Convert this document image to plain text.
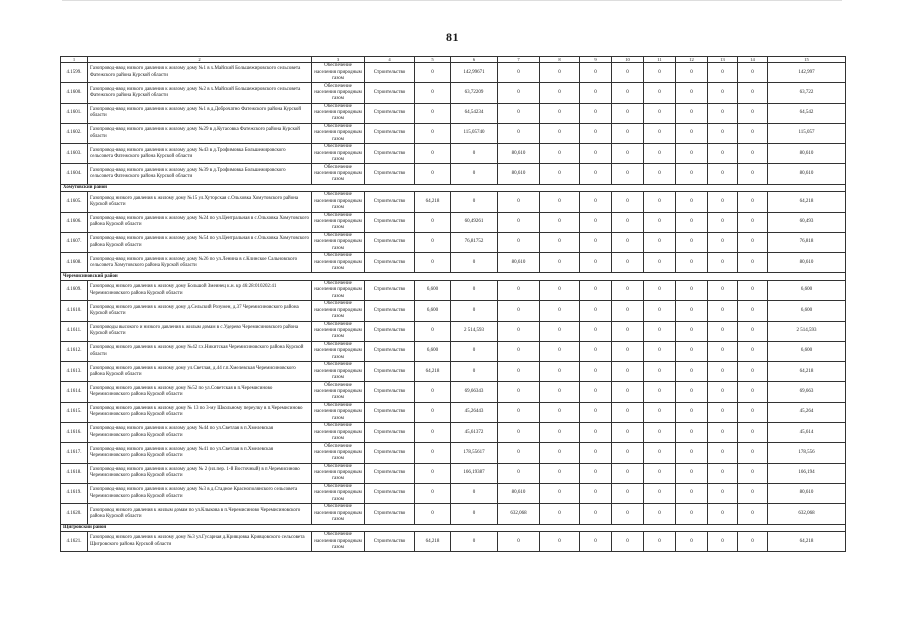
81
1	2	3	4	5	6	7	8	9	10	11	12	13	14	15
4.1599.	Газопровод-ввод низкого давления к жилому дому №1 в х.Майский Большежировского сельсовета Фатежского района Курской области	Обеспечение населения природным газом	Строительство	0	142,99671	0	0	0	0	0	0	0	0	142,997
4.1600.	Газопровод-ввод низкого давления к жилому дому №2 в х.Майский Большежировского сельсовета Фатежского района Курской области	Обеспечение населения природным газом	Строительство	0	63,72209	0	0	0	0	0	0	0	0	63,722
4.1601.	Газопровод-ввод низкого давления к жилому дому №1 в д.Доброчатно Фатежского района Курской области	Обеспечение населения природным газом	Строительство	0	64,54234	0	0	0	0	0	0	0	0	64,542
4.1602.	Газопровод-ввод низкого давления к жилому дому №29 в д.Кутасовка Фатежского района Курской области	Обеспечение населения природным газом	Строительство	0	115,05740	0	0	0	0	0	0	0	0	115,057
4.1603.	Газопровод-ввод низкого давления к жилому дому №43 в д.Трофимовка Большежировского сельсовета Фатежского района Курской области	Обеспечение населения природным газом	Строительство	0	0	80,610	0	0	0	0	0	0	0	80,610
4.1604.	Газопровод-ввод низкого давления к жилому дому №39 в д.Трофимовка Большежировского сельсовета Фатежского района Курской области	Обеспечение населения природным газом	Строительство	0	0	80,610	0	0	0	0	0	0	0	80,610
Хомутовский район														
4.1605.	Газопровод низкого давления к жилому дому №15 ул.Хуторская с.Ольховка Хомутовского района Курской области	Обеспечение населения природным газом	Строительство	64,218	0	0	0	0	0	0	0	0	0	64,218
4.1606.	Газопровод-ввод низкого давления к жилому дому №24 по ул.Центральная в с.Ольховка Хомутовского района Курской области	Обеспечение населения природным газом	Строительство	0	60,49261	0	0	0	0	0	0	0	0	60,493
4.1607.	Газопровод-ввод низкого давления к жилому дому №54 по ул.Центральная в с.Ольховка Хомутовского района Курской области	Обеспечение населения природным газом	Строительство	0	76,81752	0	0	0	0	0	0	0	0	76,818
4.1608.	Газопровод-ввод низкого давления к жилому дому №26 по ул.Ленина в с.Клинское Сальновского сельсовета Хомутовского района Курской области	Обеспечение населения природным газом	Строительство	0	0	80,610	0	0	0	0	0	0	0	80,610
Черемисиновский район														
4.1609.	Газопровод низкого давления к жилому дому Большой Змеинец к.н. кр 46:28:010202:41 Черемисиновского района Курской области	Обеспечение населения природным газом	Строительство	6,600	0	0	0	0	0	0	0	0	0	6,600
4.1610.	Газопровод низкого давления к жилому дому д.Сельский Розумен, д.37 Черемисиновского района Курской области	Обеспечение населения природным газом	Строительство	6,600	0	0	0	0	0	0	0	0	0	6,600
4.1611.	Газопроводы высокого и низкого давления к жилым домам в с.Удерево Черемисиновского района Курской области	Обеспечение населения природным газом	Строительство	0	2 514,593	0	0	0	0	0	0	0	0	2 514,593
4.1612.	Газопровод низкого давления к жилому дому №42 г.х.Никитская Черемисиновского района Курской области	Обеспечение населения природным газом	Строительство	6,600	0	0	0	0	0	0	0	0	0	6,600
4.1613.	Газопровод низкого давления к жилому дому ул.Светлая, д.44 г.п.Хмелевская Черемисиновского района Курской области	Обеспечение населения природным газом	Строительство	64,218	0	0	0	0	0	0	0	0	0	64,218
4.1614.	Газопровод низкого давления к жилому дому №52 по ул.Советская в п.Черемисиново Черемисиновского района Курской области	Обеспечение населения природным газом	Строительство	0	69,66343	0	0	0	0	0	0	0	0	69,663
4.1615.	Газопровод низкого давления к жилому дому № 13 по 3-му Школьному переулку в п.Черемисиново Черемисиновского района Курской области	Обеспечение населения природным газом	Строительство	0	45,26443	0	0	0	0	0	0	0	0	45,264
4.1616.	Газопровод-ввод низкого давления к жилому дому №44 по ул.Светлая в п.Хмелевская Черемисиновского района Курской области	Обеспечение населения природным газом	Строительство	0	45,61372	0	0	0	0	0	0	0	0	45,614
4.1617.	Газопровод-ввод низкого давления к жилому дому №41 по ул.Светлая в п.Хмелевская Черемисиновского района Курской области	Обеспечение населения природным газом	Строительство	0	178,55617	0	0	0	0	0	0	0	0	178,556
4.1618.	Газопровод-ввод низкого давления к жилому дому № 2 (ил.пер. 1-й Восточный) в п.Черемисиново Черемисиновского района Курской области	Обеспечение населения природным газом	Строительство	0	166,19387	0	0	0	0	0	0	0	0	166,194
4.1619.	Газопровод-ввод низкого давления к жилому дому №3 в д.Стадное Краснополянского сельсовета Черемисиновского района Курской области	Обеспечение населения природным газом	Строительство	0	0	80,610	0	0	0	0	0	0	0	80,610
4.1620.	Газопровод низкого давления к жилым домам по ул.Клыкова в п.Черемисиново Черемисиновского района Курской области	Обеспечение населения природным газом	Строительство	0	0	632,068	0	0	0	0	0	0	0	632,068
Щигровский район														
4.1621.	Газопровод низкого давления к жилому дому №3 ул.Гусарная д.Кривцовка Кривцовского сельсовета Щигровского района Курской области	Обеспечение населения природным газом	Строительство	64,218	0	0	0	0	0	0	0	0	0	64,218
